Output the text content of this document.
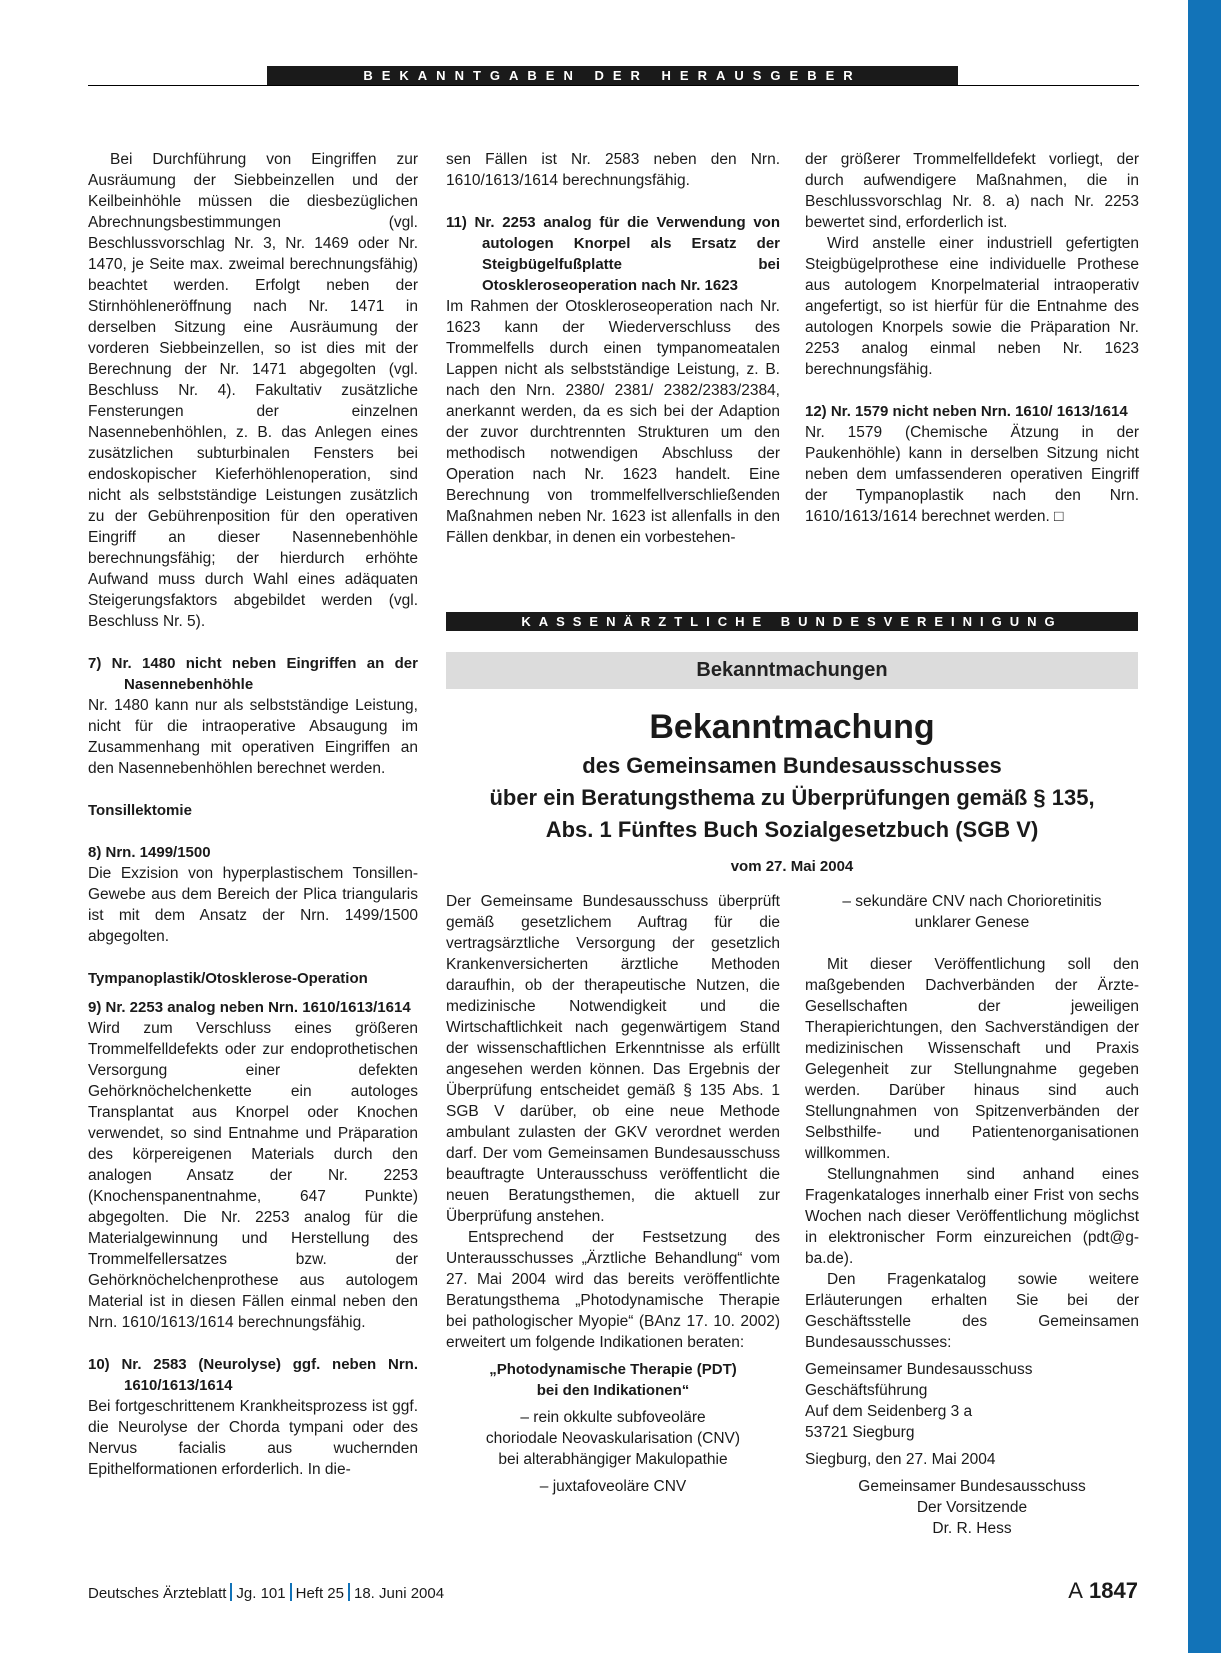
BEKANNTGABEN DER HERAUSGEBER

Bei Durchführung von Eingriffen zur Ausräumung der Siebbeinzellen und der Keilbeinhöhle müssen die diesbezüglichen Abrechnungsbestimmungen (vgl. Beschlussvorschlag Nr. 3, Nr. 1469 oder Nr. 1470, je Seite max. zweimal berechnungsfähig) beachtet werden. Erfolgt neben der Stirnhöhleneröffnung nach Nr. 1471 in derselben Sitzung eine Ausräumung der vorderen Siebbeinzellen, so ist dies mit der Berechnung der Nr. 1471 abgegolten (vgl. Beschluss Nr. 4). Fakultativ zusätzliche Fensterungen der einzelnen Nasennebenhöhlen, z. B. das Anlegen eines zusätzlichen subturbinalen Fensters bei endoskopischer Kieferhöhlenoperation, sind nicht als selbstständige Leistungen zusätzlich zu der Gebührenposition für den operativen Eingriff an dieser Nasennebenhöhle berechnungsfähig; der hierdurch erhöhte Aufwand muss durch Wahl eines adäquaten Steigerungsfaktors abgebildet werden (vgl. Beschluss Nr. 5).

7) Nr. 1480 nicht neben Eingriffen an der Nasennebenhöhle

Nr. 1480 kann nur als selbstständige Leistung, nicht für die intraoperative Absaugung im Zusammenhang mit operativen Eingriffen an den Nasennebenhöhlen berechnet werden.

Tonsillektomie

8) Nrn. 1499/1500

Die Exzision von hyperplastischem Tonsillen-Gewebe aus dem Bereich der Plica triangularis ist mit dem Ansatz der Nrn. 1499/1500 abgegolten.

Tympanoplastik/Otosklerose-Operation

9) Nr. 2253 analog neben Nrn. 1610/1613/1614

Wird zum Verschluss eines größeren Trommelfelldefekts oder zur endoprothetischen Versorgung einer defekten Gehörknöchelchenkette ein autologes Transplantat aus Knorpel oder Knochen verwendet, so sind Entnahme und Präparation des körpereigenen Materials durch den analogen Ansatz der Nr. 2253 (Knochenspanentnahme, 647 Punkte) abgegolten. Die Nr. 2253 analog für die Materialgewinnung und Herstellung des Trommelfellersatzes bzw. der Gehörknöchelchenprothese aus autologem Material ist in diesen Fällen einmal neben den Nrn. 1610/1613/1614 berechnungsfähig.

10) Nr. 2583 (Neurolyse) ggf. neben Nrn. 1610/1613/1614

Bei fortgeschrittenem Krankheitsprozess ist ggf. die Neurolyse der Chorda tympani oder des Nervus facialis aus wuchernden Epithelformationen erforderlich. In die-

sen Fällen ist Nr. 2583 neben den Nrn. 1610/1613/1614 berechnungsfähig.

11) Nr. 2253 analog für die Verwendung von autologen Knorpel als Ersatz der Steigbügelfußplatte bei Otoskleroseoperation nach Nr. 1623

Im Rahmen der Otoskleroseoperation nach Nr. 1623 kann der Wiederverschluss des Trommelfells durch einen tympanomeatalen Lappen nicht als selbstständige Leistung, z. B. nach den Nrn. 2380/ 2381/ 2382/2383/2384, anerkannt werden, da es sich bei der Adaption der zuvor durchtrennten Strukturen um den methodisch notwendigen Abschluss der Operation nach Nr. 1623 handelt. Eine Berechnung von trommelfellverschließenden Maßnahmen neben Nr. 1623 ist allenfalls in den Fällen denkbar, in denen ein vorbestehen-

der größerer Trommelfelldefekt vorliegt, der durch aufwendigere Maßnahmen, die in Beschlussvorschlag Nr. 8. a) nach Nr. 2253 bewertet sind, erforderlich ist.

Wird anstelle einer industriell gefertigten Steigbügelprothese eine individuelle Prothese aus autologem Knorpelmaterial intraoperativ angefertigt, so ist hierfür für die Entnahme des autologen Knorpels sowie die Präparation Nr. 2253 analog einmal neben Nr. 1623 berechnungsfähig.

12) Nr. 1579 nicht neben Nrn. 1610/ 1613/1614

Nr. 1579 (Chemische Ätzung in der Paukenhöhle) kann in derselben Sitzung nicht neben dem umfassenderen operativen Eingriff der Tympanoplastik nach den Nrn. 1610/1613/1614 berechnet werden. □

KASSENÄRZTLICHE BUNDESVEREINIGUNG
Bekanntmachungen
Bekanntmachung
des Gemeinsamen Bundesausschusses
über ein Beratungsthema zu Überprüfungen gemäß § 135,
Abs. 1 Fünftes Buch Sozialgesetzbuch (SGB V)
vom 27. Mai 2004

Der Gemeinsame Bundesausschuss überprüft gemäß gesetzlichem Auftrag für die vertragsärztliche Versorgung der gesetzlich Krankenversicherten ärztliche Methoden daraufhin, ob der therapeutische Nutzen, die medizinische Notwendigkeit und die Wirtschaftlichkeit nach gegenwärtigem Stand der wissenschaftlichen Erkenntnisse als erfüllt angesehen werden können. Das Ergebnis der Überprüfung entscheidet gemäß § 135 Abs. 1 SGB V darüber, ob eine neue Methode ambulant zulasten der GKV verordnet werden darf. Der vom Gemeinsamen Bundesausschuss beauftragte Unterausschuss veröffentlicht die neuen Beratungsthemen, die aktuell zur Überprüfung anstehen.

Entsprechend der Festsetzung des Unterausschusses „Ärztliche Behandlung“ vom 27. Mai 2004 wird das bereits veröffentlichte Beratungsthema „Photodynamische Therapie bei pathologischer Myopie“ (BAnz 17. 10. 2002) erweitert um folgende Indikationen beraten:

„Photodynamische Therapie (PDT)

bei den Indikationen“

– rein okkulte subfoveoläre

choriodale Neovaskularisation (CNV)

bei alterabhängiger Makulopathie

– juxtafoveoläre CNV

– sekundäre CNV nach Chorioretinitis

unklarer Genese

Mit dieser Veröffentlichung soll den maßgebenden Dachverbänden der Ärzte-Gesellschaften der jeweiligen Therapierichtungen, den Sachverständigen der medizinischen Wissenschaft und Praxis Gelegenheit zur Stellungnahme gegeben werden. Darüber hinaus sind auch Stellungnahmen von Spitzenverbänden der Selbsthilfe- und Patientenorganisationen willkommen.

Stellungnahmen sind anhand eines Fragenkataloges innerhalb einer Frist von sechs Wochen nach dieser Veröffentlichung möglichst in elektronischer Form einzureichen (pdt@g-ba.de).

Den Fragenkatalog sowie weitere Erläuterungen erhalten Sie bei der Geschäftsstelle des Gemeinsamen Bundesausschusses:

Gemeinsamer Bundesausschuss

Geschäftsführung

Auf dem Seidenberg 3 a

53721 Siegburg

Siegburg, den 27. Mai 2004

Gemeinsamer Bundesausschuss

Der Vorsitzende

Dr. R. Hess

Deutsches Ärzteblatt Jg. 101 Heft 25 18. Juni 2004	A 1847
